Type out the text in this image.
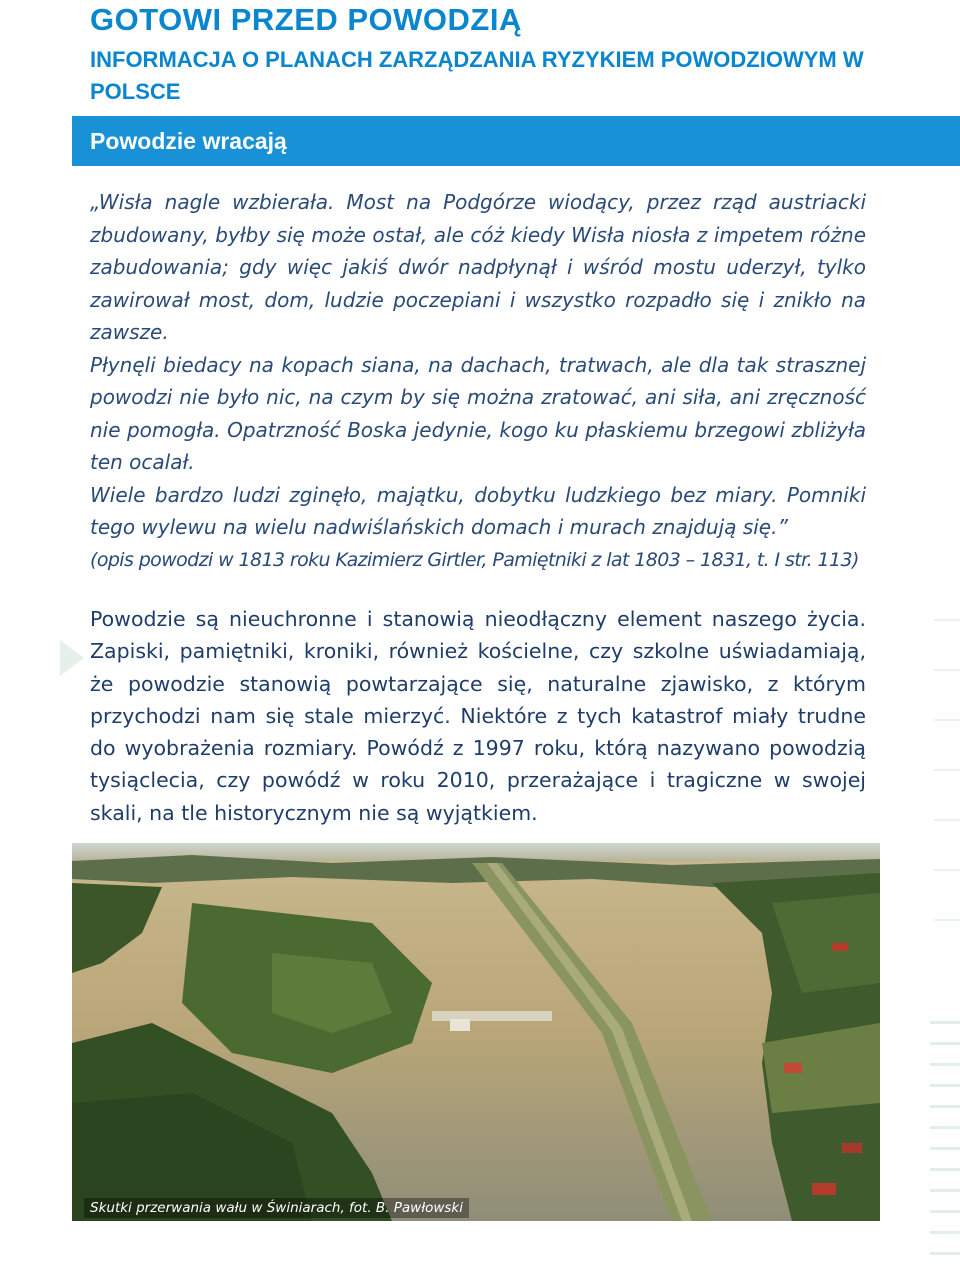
GOTOWI PRZED POWODZIĄ
INFORMACJA O PLANACH ZARZĄDZANIA RYZYKIEM POWODZIOWYM W POLSCE
Powodzie wracają

„Wisła nagle wzbierała. Most na Podgórze wiodący, przez rząd austriacki zbudowany, byłby się może ostał, ale cóż kiedy Wisła niosła z impetem różne zabudowania; gdy więc jakiś dwór nadpłynął i wśród mostu uderzył, tylko zawirował most, dom, ludzie poczepiani i wszystko rozpadło się i znikło na zawsze.

Płynęli biedacy na kopach siana, na dachach, tratwach, ale dla tak strasznej powodzi nie było nic, na czym by się można zratować, ani siła, ani zręczność nie pomogła. Opatrzność Boska jedynie, kogo ku płaskiemu brzegowi zbliżyła ten ocalał.

Wiele bardzo ludzi zginęło, majątku, dobytku ludzkiego bez miary. Pomniki tego wylewu na wielu nadwiślańskich domach i murach znajdują się.”

(opis powodzi w 1813 roku Kazimierz Girtler, Pamiętniki z lat 1803 – 1831, t. I str. 113)

Powodzie są nieuchronne i stanowią nieodłączny element naszego życia. Zapiski, pamiętniki, kroniki, również kościelne, czy szkolne uświadamiają, że powodzie stanowią powtarzające się, naturalne zjawisko, z którym przychodzi nam się stale mierzyć. Niektóre z tych katastrof miały trudne do wyobrażenia rozmiary. Powódź z 1997 roku, którą nazywano powodzią tysiąclecia, czy powódź w roku 2010, przerażające i tragiczne w swojej skali, na tle historycznym nie są wyjątkiem.

Skutki przerwania wału w Świniarach, fot. B. Pawłowski
12
11
10
9
8
7
6
5
4
3
2
1
